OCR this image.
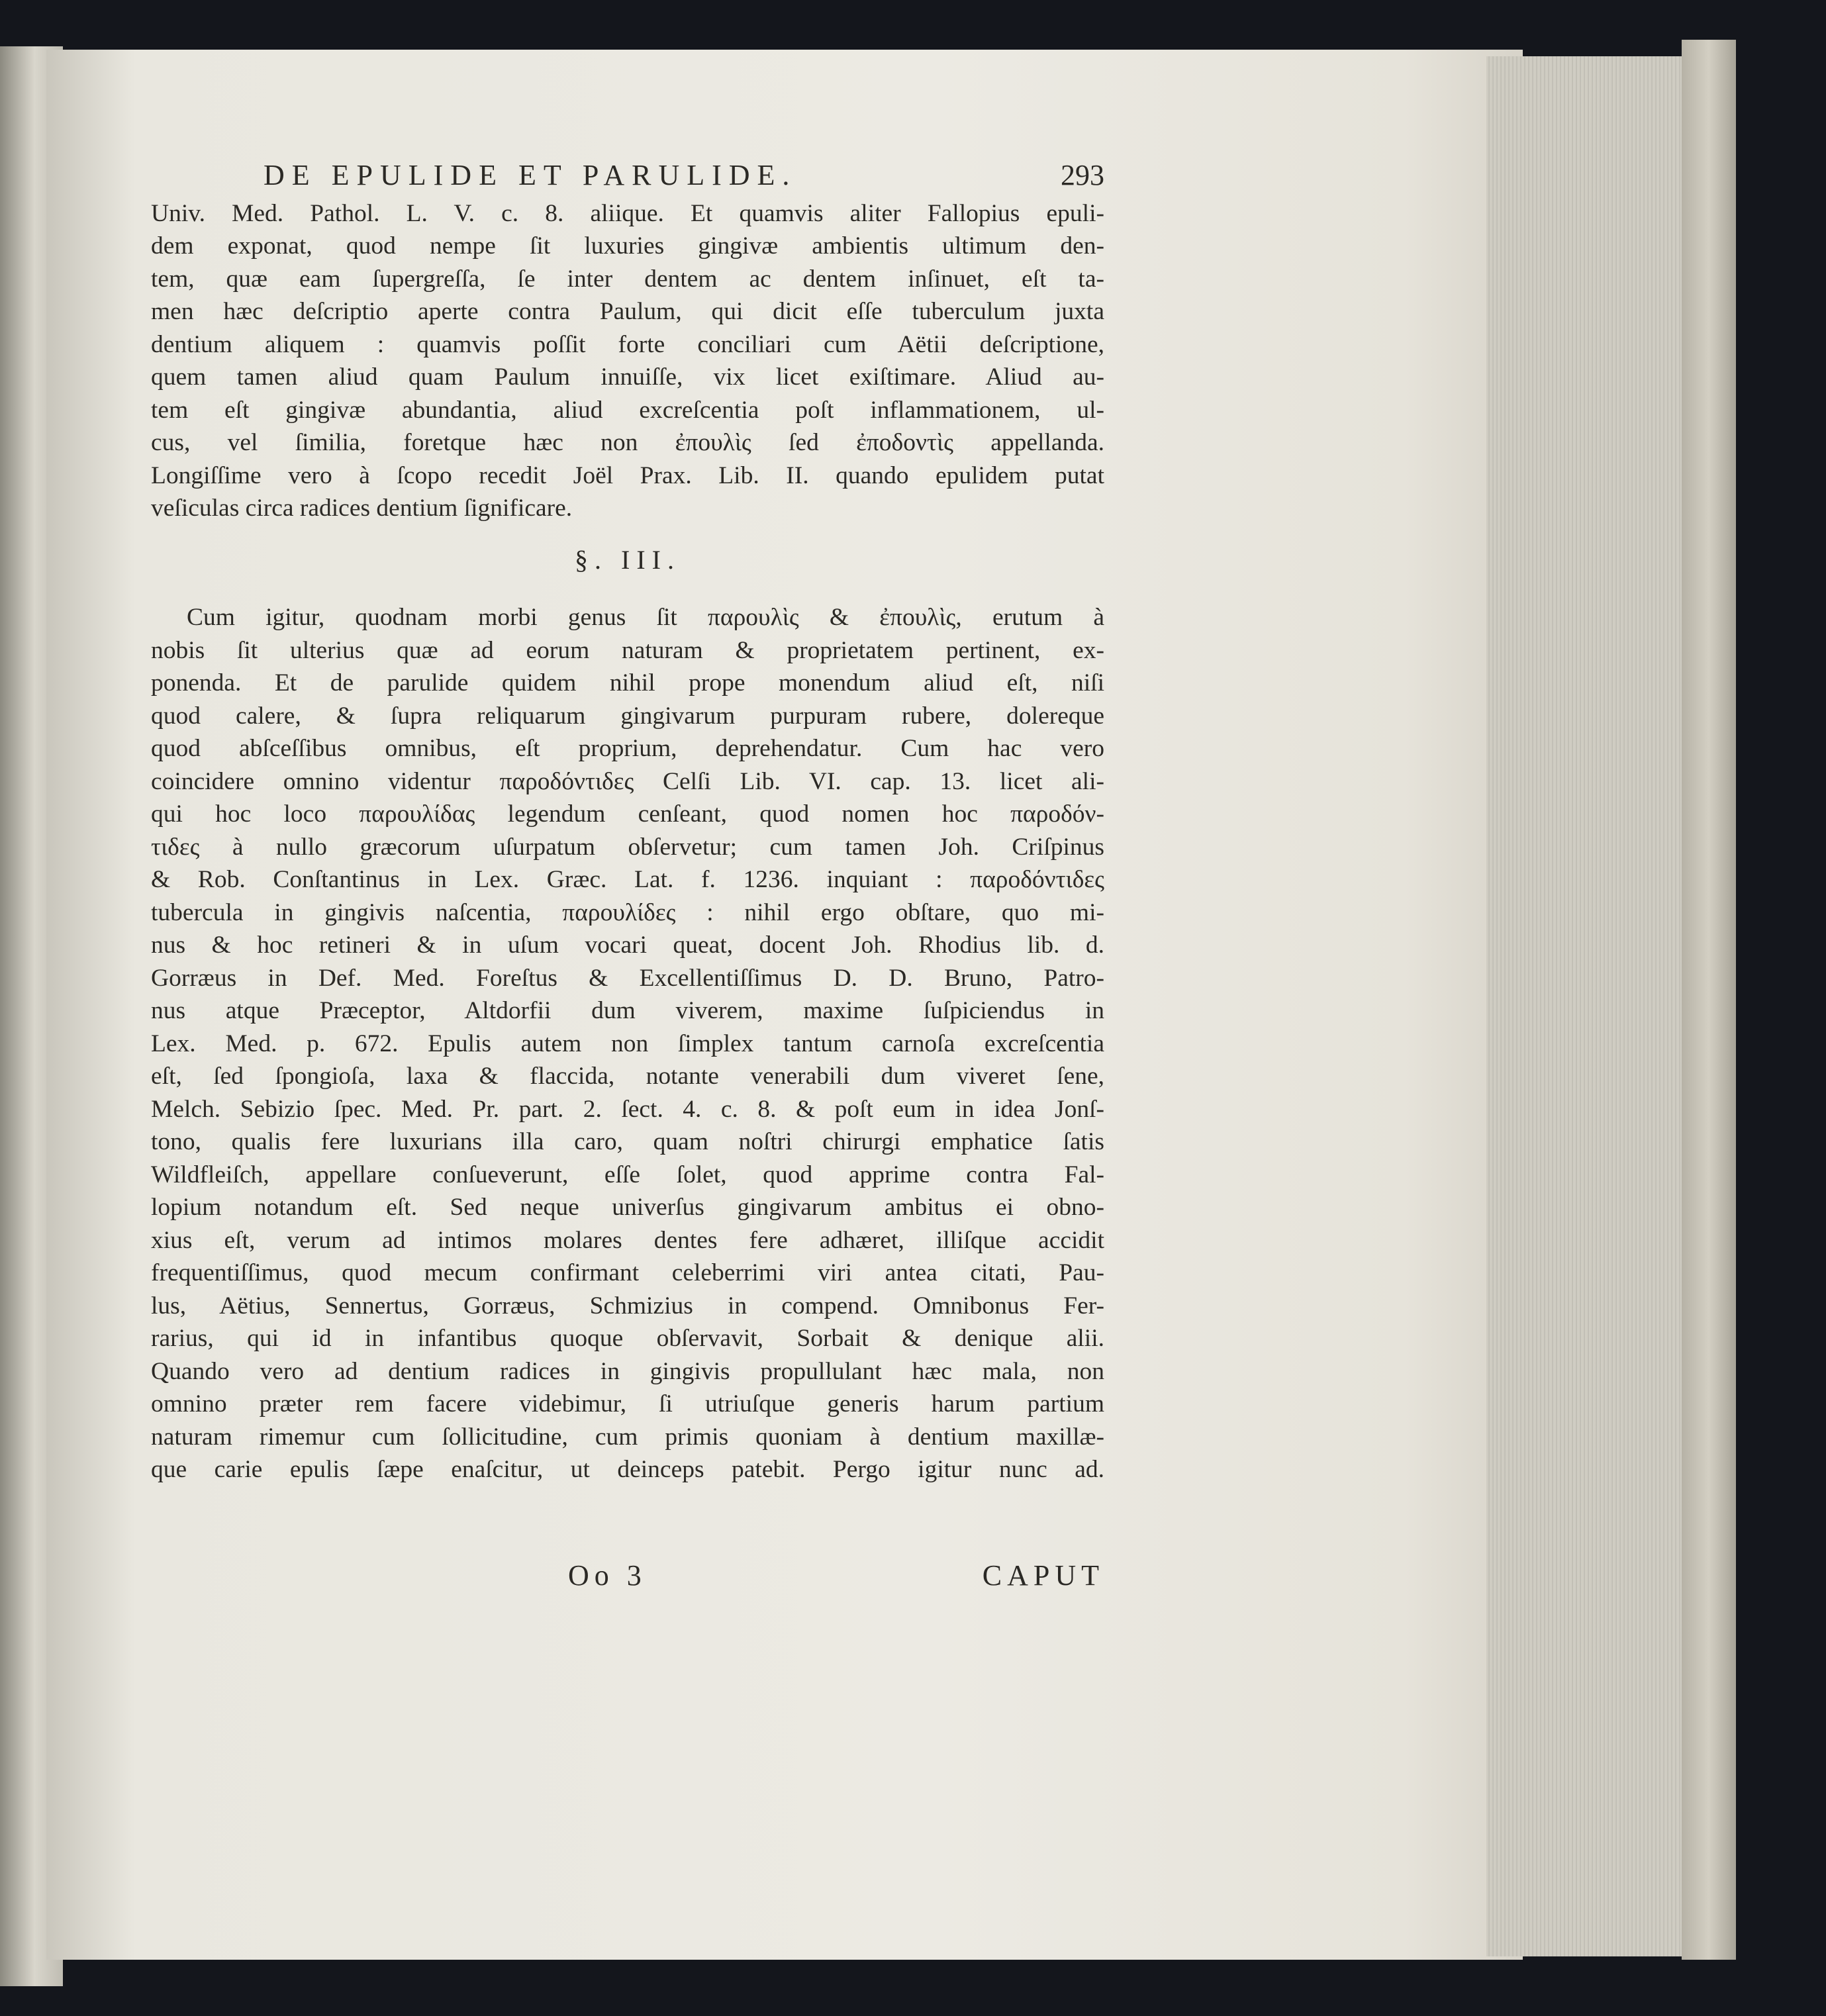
DE EPULIDE ET PARULIDE.	293
Univ. Med. Pathol. L. V. c. 8. aliique. Et quamvis aliter Fallopius epuli-
dem exponat, quod nempe ſit luxuries gingivæ ambientis ultimum den-
tem, quæ eam ſupergreſſa, ſe inter dentem ac dentem inſinuet, eſt ta-
men hæc deſcriptio aperte contra Paulum, qui dicit eſſe tuberculum juxta
dentium aliquem : quamvis poſſit forte conciliari cum Aëtii deſcriptione,
quem tamen aliud quam Paulum innuiſſe, vix licet exiſtimare. Aliud au-
tem eſt gingivæ abundantia, aliud excreſcentia poſt inflammationem, ul-
cus, vel ſimilia, foretque hæc non ἐπουλὶς ſed ἐποδοντὶς appellanda.
Longiſſime vero à ſcopo recedit Joël Prax. Lib. II. quando epulidem putat
veſiculas circa radices dentium ſignificare.
§. III.
Cum igitur, quodnam morbi genus ſit παρουλὶς & ἐπουλὶς, erutum à
nobis ſit ulterius quæ ad eorum naturam & proprietatem pertinent, ex-
ponenda. Et de parulide quidem nihil prope monendum aliud eſt, niſi
quod calere, & ſupra reliquarum gingivarum purpuram rubere, dolereque
quod abſceſſibus omnibus, eſt proprium, deprehendatur. Cum hac vero
coincidere omnino videntur παροδόντιδες Celſi Lib. VI. cap. 13. licet ali-
qui hoc loco παρουλίδας legendum cenſeant, quod nomen hoc παροδόν-
τιδες à nullo græcorum uſurpatum obſervetur; cum tamen Joh. Criſpinus
& Rob. Conſtantinus in Lex. Græc. Lat. f. 1236. inquiant : παροδόντιδες
tubercula in gingivis naſcentia, παρουλίδες : nihil ergo obſtare, quo mi-
nus & hoc retineri & in uſum vocari queat, docent Joh. Rhodius lib. d.
Gorræus in Def. Med. Foreſtus & Excellentiſſimus D. D. Bruno, Patro-
nus atque Præceptor, Altdorfii dum viverem, maxime ſuſpiciendus in
Lex. Med. p. 672. Epulis autem non ſimplex tantum carnoſa excreſcentia
eſt, ſed ſpongioſa, laxa & flaccida, notante venerabili dum viveret ſene,
Melch. Sebizio ſpec. Med. Pr. part. 2. ſect. 4. c. 8. & poſt eum in idea Jonſ-
tono, qualis fere luxurians illa caro, quam noſtri chirurgi emphatice ſatis
Wildfleiſch, appellare conſueverunt, eſſe ſolet, quod apprime contra Fal-
lopium notandum eſt. Sed neque univerſus gingivarum ambitus ei obno-
xius eſt, verum ad intimos molares dentes fere adhæret, illiſque accidit
frequentiſſimus, quod mecum confirmant celeberrimi viri antea citati, Pau-
lus, Aëtius, Sennertus, Gorræus, Schmizius in compend. Omnibonus Fer-
rarius, qui id in infantibus quoque obſervavit, Sorbait & denique alii.
Quando vero ad dentium radices in gingivis propullulant hæc mala, non
omnino præter rem facere videbimur, ſi utriuſque generis harum partium
naturam rimemur cum ſollicitudine, cum primis quoniam à dentium maxillæ-
que carie epulis ſæpe enaſcitur, ut deinceps patebit. Pergo igitur nunc ad.
Oo 3	CAPUT
